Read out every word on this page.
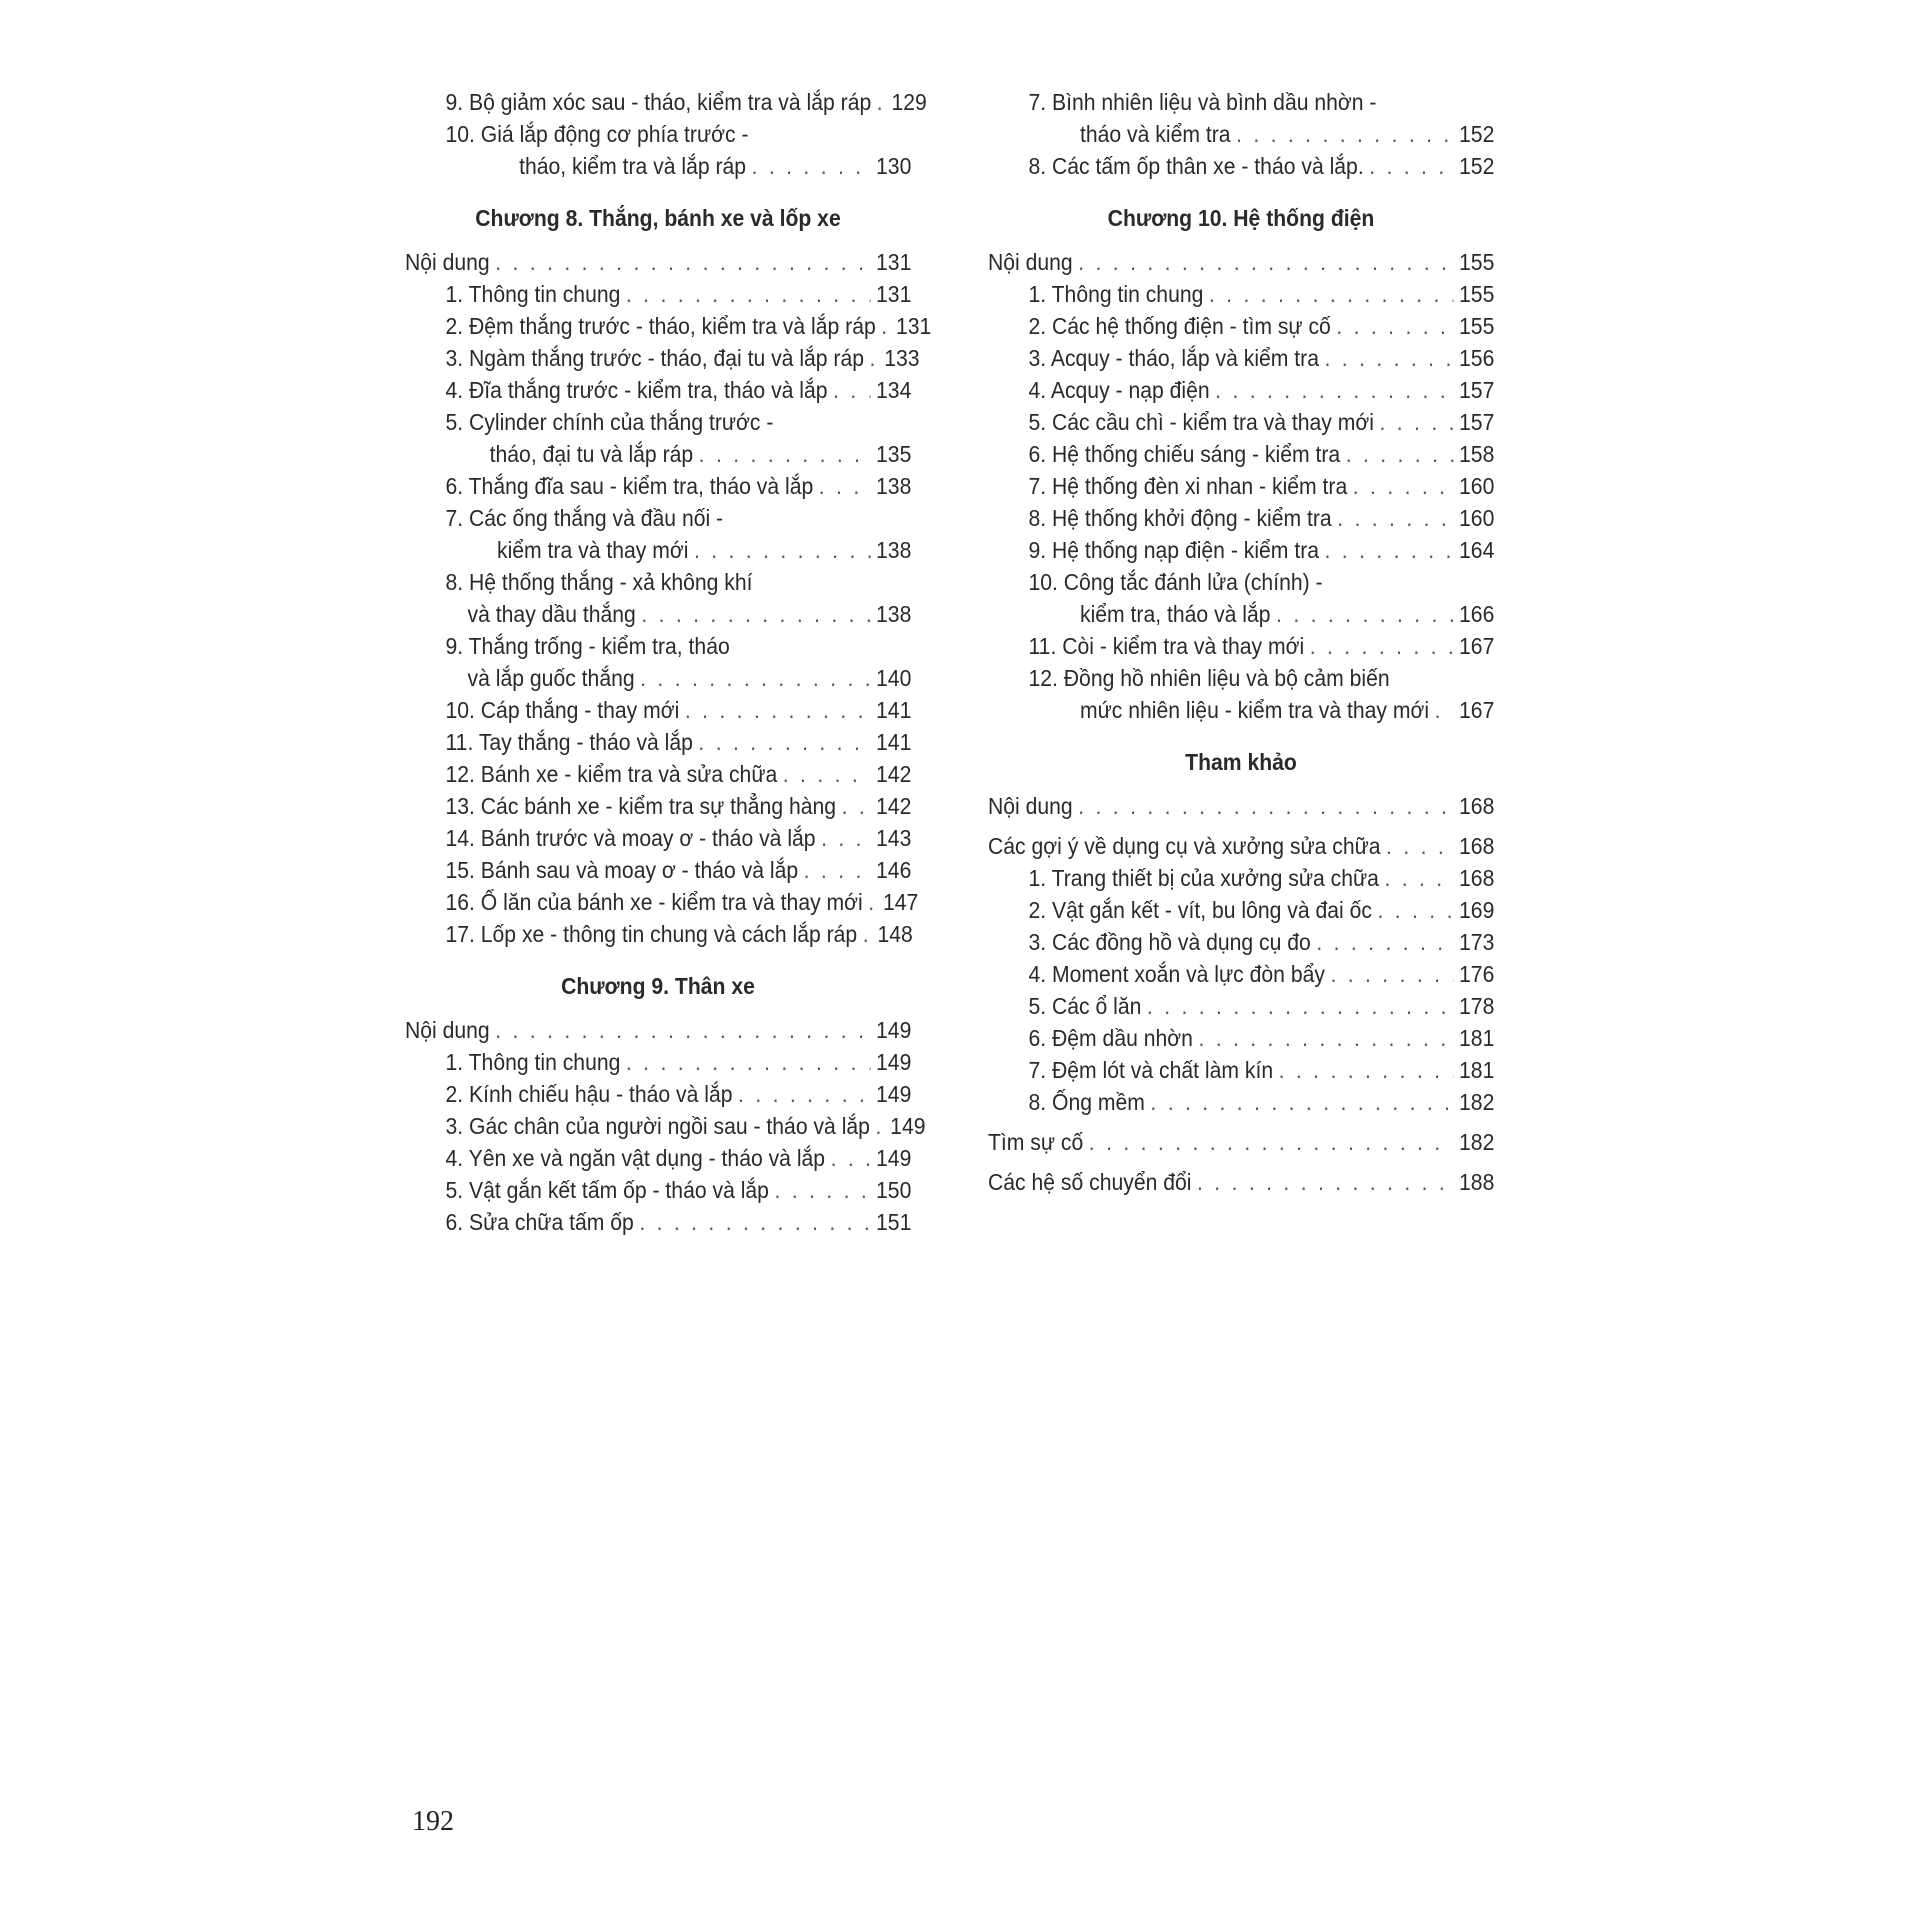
9. Bộ giảm xóc sau - tháo, kiểm tra và lắp ráp . . . 129
10. Giá lắp động cơ phía trước -
tháo, kiểm tra và lắp ráp . . .	130
Chương 8. Thắng, bánh xe và lốp xe
Nội dung . . .	131
1. Thông tin chung . . .	131
2. Đệm thắng trước - tháo, kiểm tra và lắp ráp . . . 131
3. Ngàm thắng trước - tháo, đại tu và lắp ráp . . . 133
4. Đĩa thắng trước - kiểm tra, tháo và lắp . . . 134
5. Cylinder chính của thắng trước -
tháo, đại tu và lắp ráp . . .	135
6. Thắng đĩa sau - kiểm tra, tháo và lắp . . .	138
7. Các ống thắng và đầu nối -
kiểm tra và thay mới . . .	138
8. Hệ thống thắng - xả không khí
và thay dầu thắng . . .	138
9. Thắng trống - kiểm tra, tháo
và lắp guốc thắng . . .	140
10. Cáp thắng - thay mới . . .	141
11. Tay thắng - tháo và lắp . . .	141
12. Bánh xe - kiểm tra và sửa chữa . . .	142
13. Các bánh xe - kiểm tra sự thẳng hàng . . . 142
14. Bánh trước và moay ơ - tháo và lắp . . .	143
15. Bánh sau và moay ơ - tháo và lắp . . .	146
16. Ổ lăn của bánh xe - kiểm tra và thay mới . . . 147
17. Lốp xe - thông tin chung và cách lắp ráp . . . 148
Chương 9. Thân xe
Nội dung . . .	149
1. Thông tin chung . . .	149
2. Kính chiếu hậu - tháo và lắp . . .	149
3. Gác chân của người ngồi sau - tháo và lắp . . . 149
4. Yên xe và ngăn vật dụng - tháo và lắp . . . 149
5. Vật gắn kết tấm ốp - tháo và lắp . . .	150
6. Sửa chữa tấm ốp . . .	151
7. Bình nhiên liệu và bình dầu nhờn -
tháo và kiểm tra . . .	152
8. Các tấm ốp thân xe - tháo và lắp. . . .	152
Chương 10. Hệ thống điện
Nội dung . . .	155
1. Thông tin chung . . .	155
2. Các hệ thống điện - tìm sự cố . . .	155
3. Acquy - tháo, lắp và kiểm tra . . .	156
4. Acquy - nạp điện . . .	157
5. Các cầu chì - kiểm tra và thay mới . . .	157
6. Hệ thống chiếu sáng - kiểm tra . . .	158
7. Hệ thống đèn xi nhan - kiểm tra . . .	160
8. Hệ thống khởi động - kiểm tra . . .	160
9. Hệ thống nạp điện - kiểm tra . . .	164
10. Công tắc đánh lửa (chính) -
kiểm tra, tháo và lắp . . .	166
11. Còi - kiểm tra và thay mới . . .	167
12. Đồng hồ nhiên liệu và bộ cảm biến
mức nhiên liệu - kiểm tra và thay mới . . . 167
Tham khảo
Nội dung . . .	168
Các gợi ý về dụng cụ và xưởng sửa chữa . . .	168
1. Trang thiết bị của xưởng sửa chữa . . .	168
2. Vật gắn kết - vít, bu lông và đai ốc . . .	169
3. Các đồng hồ và dụng cụ đo . . .	173
4. Moment xoắn và lực đòn bẩy . . .	176
5. Các ổ lăn . . .	178
6. Đệm dầu nhờn . . .	181
7. Đệm lót và chất làm kín . . .	181
8. Ống mềm . . .	182
Tìm sự cố . . .	182
Các hệ số chuyển đổi . . .	188
192
